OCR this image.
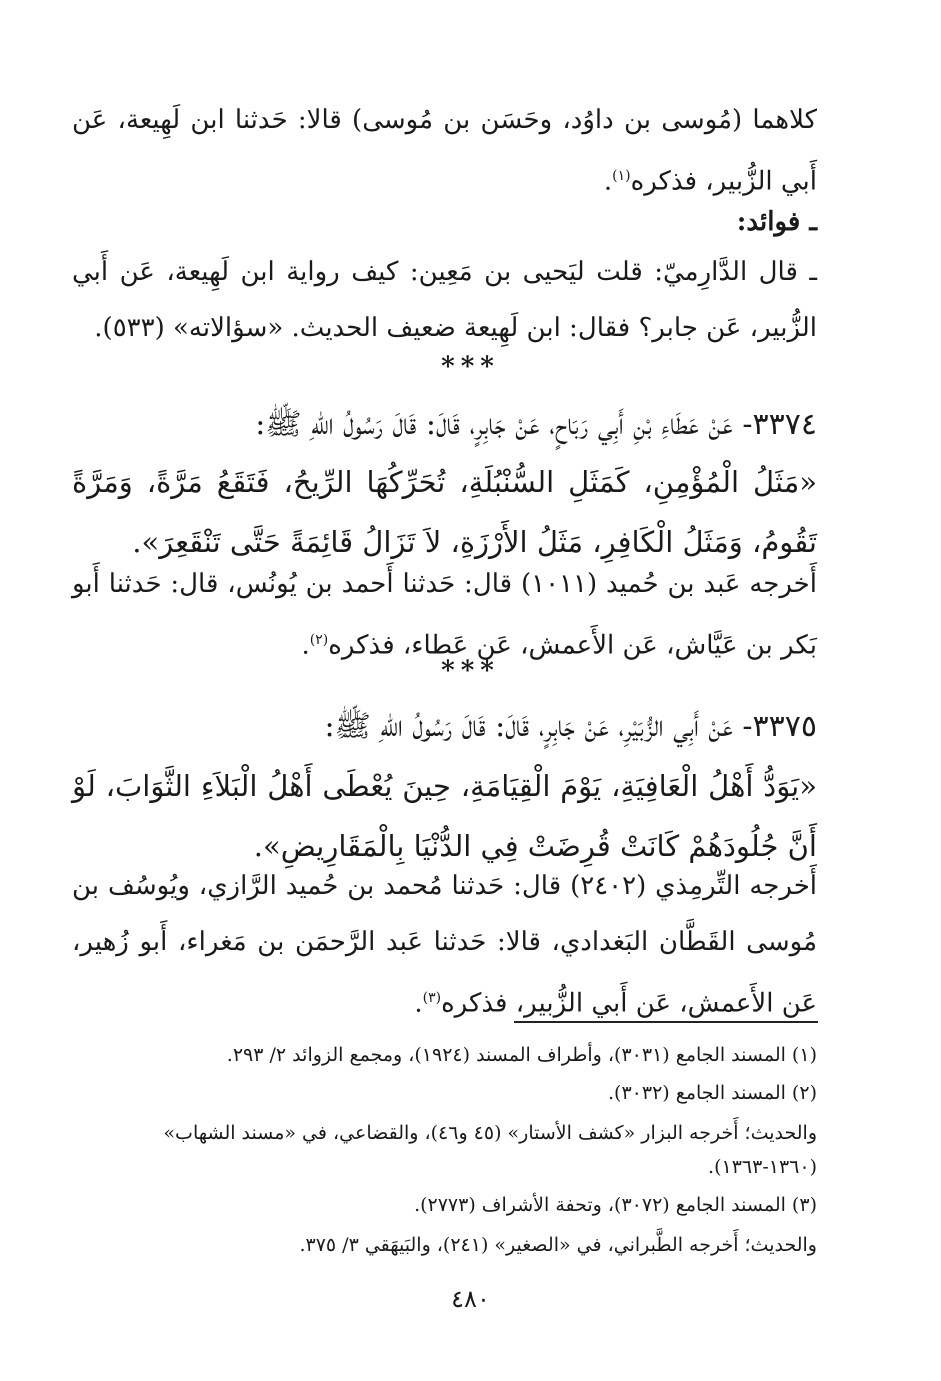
كلاهما (مُوسى بن داوُد، وحَسَن بن مُوسى) قالا: حَدثنا ابن لَهِيعة، عَن أَبي الزُّبير، فذكره$^{(١)}$.

ـ فوائد:

ـ قال الدَّارِميّ: قلت ليَحيى بن مَعِين: كيف رواية ابن لَهِيعة، عَن أَبي الزُّبير، عَن جابر؟ فقال: ابن لَهِيعة ضعيف الحديث. «سؤالاته» (٥٣٣).

***

٣٣٧٤- عَنْ عَطَاءِ بْنِ أَبِي رَبَاحٍ، عَنْ جَابِرٍ، قَالَ: قَالَ رَسُولُ اللهِ ﷺ:

«مَثَلُ الْمُؤْمِنِ، كَمَثَلِ السُّنْبُلَةِ، تُحَرِّكُهَا الرِّيحُ، فَتَقَعُ مَرَّةً، وَمَرَّةً تَقُومُ، وَمَثَلُ الْكَافِرِ، مَثَلُ الأَرْزَةِ، لاَ تَزَالُ قَائِمَةً حَتَّى تَنْقَعِرَ».

أَخرجه عَبد بن حُميد (١٠١١) قال: حَدثنا أَحمد بن يُونُس، قال: حَدثنا أَبو بَكر بن عَيَّاش، عَن الأَعمش، عَن عَطاء، فذكره$^{(٢)}$.

***

٣٣٧٥- عَنْ أَبِي الزُّبَيْرِ، عَنْ جَابِرٍ، قَالَ: قَالَ رَسُولُ اللهِ ﷺ:

«يَوَدُّ أَهْلُ الْعَافِيَةِ، يَوْمَ الْقِيَامَةِ، حِينَ يُعْطَى أَهْلُ الْبَلاَءِ الثَّوَابَ، لَوْ أَنَّ جُلُودَهُمْ كَانَتْ قُرِضَتْ فِي الدُّنْيَا بِالْمَقَارِيضِ».

أَخرجه التِّرمِذي (٢٤٠٢) قال: حَدثنا مُحمد بن حُميد الرَّازي، ويُوسُف بن مُوسى القَطَّان البَغدادي، قالا: حَدثنا عَبد الرَّحمَن بن مَغراء، أَبو زُهير، عَن الأَعمش، عَن أَبي الزُّبير، فذكره$^{(٣)}$.

(١) المسند الجامع (٣٠٣١)، وأطراف المسند (١٩٢٤)، ومجمع الزوائد ٢/ ٢٩٣.

(٢) المسند الجامع (٣٠٣٢).

والحديث؛ أَخرجه البزار «كشف الأستار» (٤٥ و٤٦)، والقضاعي، في «مسند الشهاب» (١٣٦٠-١٣٦٣).

(٣) المسند الجامع (٣٠٧٢)، وتحفة الأشراف (٢٧٧٣).

والحديث؛ أَخرجه الطَّبراني، في «الصغير» (٢٤١)، والبَيهَقي ٣/ ٣٧٥.

٤٨٠
